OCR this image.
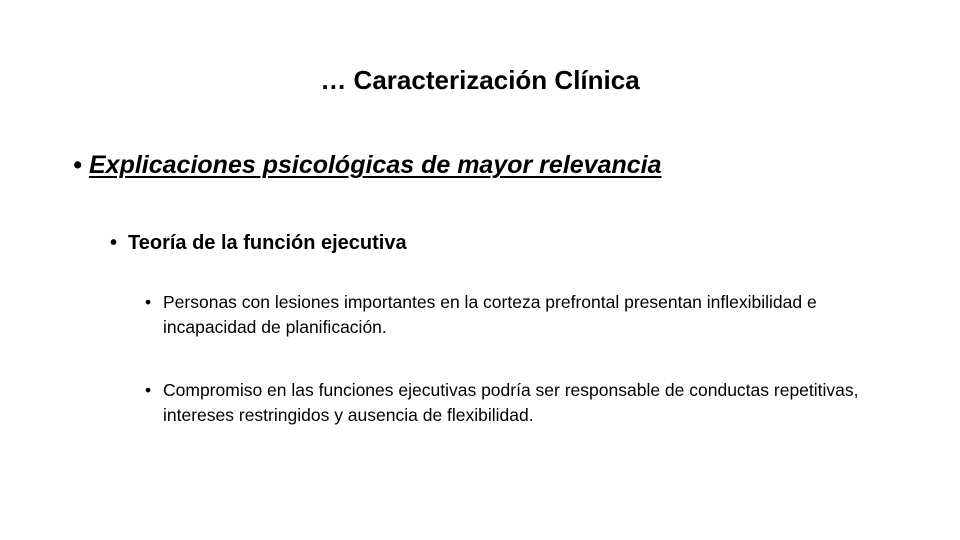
… Caracterización Clínica
• Explicaciones psicológicas de mayor relevancia
• Teoría de la función ejecutiva
• Personas con lesiones importantes en la corteza prefrontal presentan inflexibilidad e incapacidad de planificación.
• Compromiso en las funciones ejecutivas podría ser responsable de conductas repetitivas, intereses restringidos y ausencia de flexibilidad.
